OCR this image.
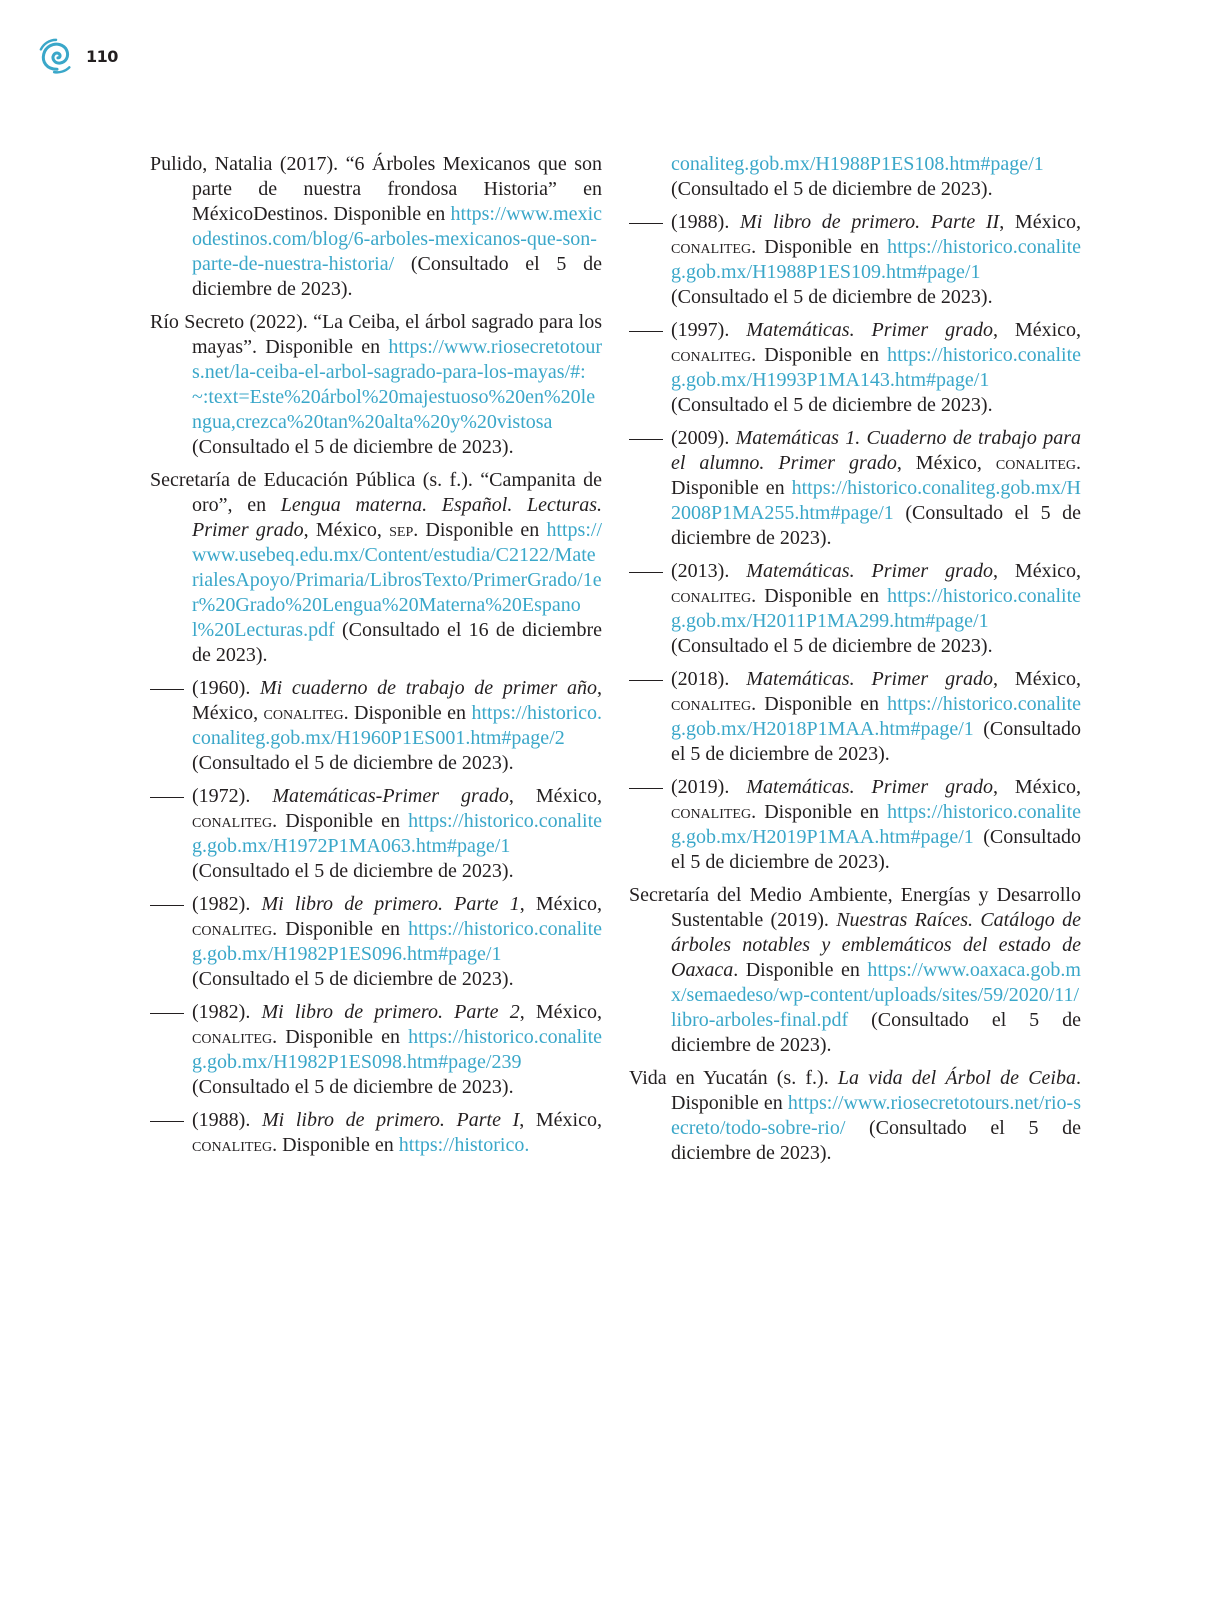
110

Pulido, Natalia (2017). “6 Árboles Mexicanos que son parte de nuestra frondosa Historia” en MéxicoDestinos. Disponible en https://www.mexicodestinos.com/blog/6-arboles-mexicanos-que-son-parte-de-nuestra-historia/ (Consultado el 5 de diciembre de 2023).

Río Secreto (2022). “La Ceiba, el árbol sagrado para los mayas”. Disponible en https://www.riosecretotours.net/la-ceiba-el-arbol-sagrado-para-los-mayas/#:~:text=Este%20árbol%20majestuoso%20en%20lengua,crezca%20tan%20alta%20y%20vistosa (Consultado el 5 de diciembre de 2023).

Secretaría de Educación Pública (s. f.). “Campanita de oro”, en Lengua materna. Español. Lecturas. Primer grado, México, sep. Disponible en https://www.usebeq.edu.mx/Content/estudia/C2122/MaterialesApoyo/Primaria/LibrosTexto/PrimerGrado/1er%20Grado%20Lengua%20Materna%20Espanol%20Lecturas.pdf (Consultado el 16 de diciembre de 2023).

(1960). Mi cuaderno de trabajo de primer año, México, conaliteg. Disponible en https://historico.conaliteg.gob.mx/H1960P1ES001.htm#page/2 (Consultado el 5 de diciembre de 2023).

(1972). Matemáticas-Primer grado, México, conaliteg. Disponible en https://historico.conaliteg.gob.mx/H1972P1MA063.htm#page/1 (Consultado el 5 de diciembre de 2023).

(1982). Mi libro de primero. Parte 1, México, conaliteg. Disponible en https://historico.conaliteg.gob.mx/H1982P1ES096.htm#page/1 (Consultado el 5 de diciembre de 2023).

(1982). Mi libro de primero. Parte 2, México, conaliteg. Disponible en https://historico.conaliteg.gob.mx/H1982P1ES098.htm#page/239 (Consultado el 5 de diciembre de 2023).

(1988). Mi libro de primero. Parte I, México, conaliteg. Disponible en https://historico.

conaliteg.gob.mx/H1988P1ES108.htm#page/1 (Consultado el 5 de diciembre de 2023).

(1988). Mi libro de primero. Parte II, México, conaliteg. Disponible en https://historico.conaliteg.gob.mx/H1988P1ES109.htm#page/1 (Consultado el 5 de diciembre de 2023).

(1997). Matemáticas. Primer grado, México, conaliteg. Disponible en https://historico.conaliteg.gob.mx/H1993P1MA143.htm#page/1 (Consultado el 5 de diciembre de 2023).

(2009). Matemáticas 1. Cuaderno de trabajo para el alumno. Primer grado, México, conaliteg. Disponible en https://historico.conaliteg.gob.mx/H2008P1MA255.htm#page/1 (Consultado el 5 de diciembre de 2023).

(2013). Matemáticas. Primer grado, México, conaliteg. Disponible en https://historico.conaliteg.gob.mx/H2011P1MA299.htm#page/1 (Consultado el 5 de diciembre de 2023).

(2018). Matemáticas. Primer grado, México, conaliteg. Disponible en https://historico.conaliteg.gob.mx/H2018P1MAA.htm#page/1 (Consultado el 5 de diciembre de 2023).

(2019). Matemáticas. Primer grado, México, conaliteg. Disponible en https://historico.conaliteg.gob.mx/H2019P1MAA.htm#page/1 (Consultado el 5 de diciembre de 2023).

Secretaría del Medio Ambiente, Energías y Desarrollo Sustentable (2019). Nuestras Raíces. Catálogo de árboles notables y emblemáticos del estado de Oaxaca. Disponible en https://www.oaxaca.gob.mx/semaedeso/wp-content/uploads/sites/59/2020/11/libro-arboles-final.pdf (Consultado el 5 de diciembre de 2023).

Vida en Yucatán (s. f.). La vida del Árbol de Ceiba. Disponible en https://www.riosecretotours.net/rio-secreto/todo-sobre-rio/ (Consultado el 5 de diciembre de 2023).
